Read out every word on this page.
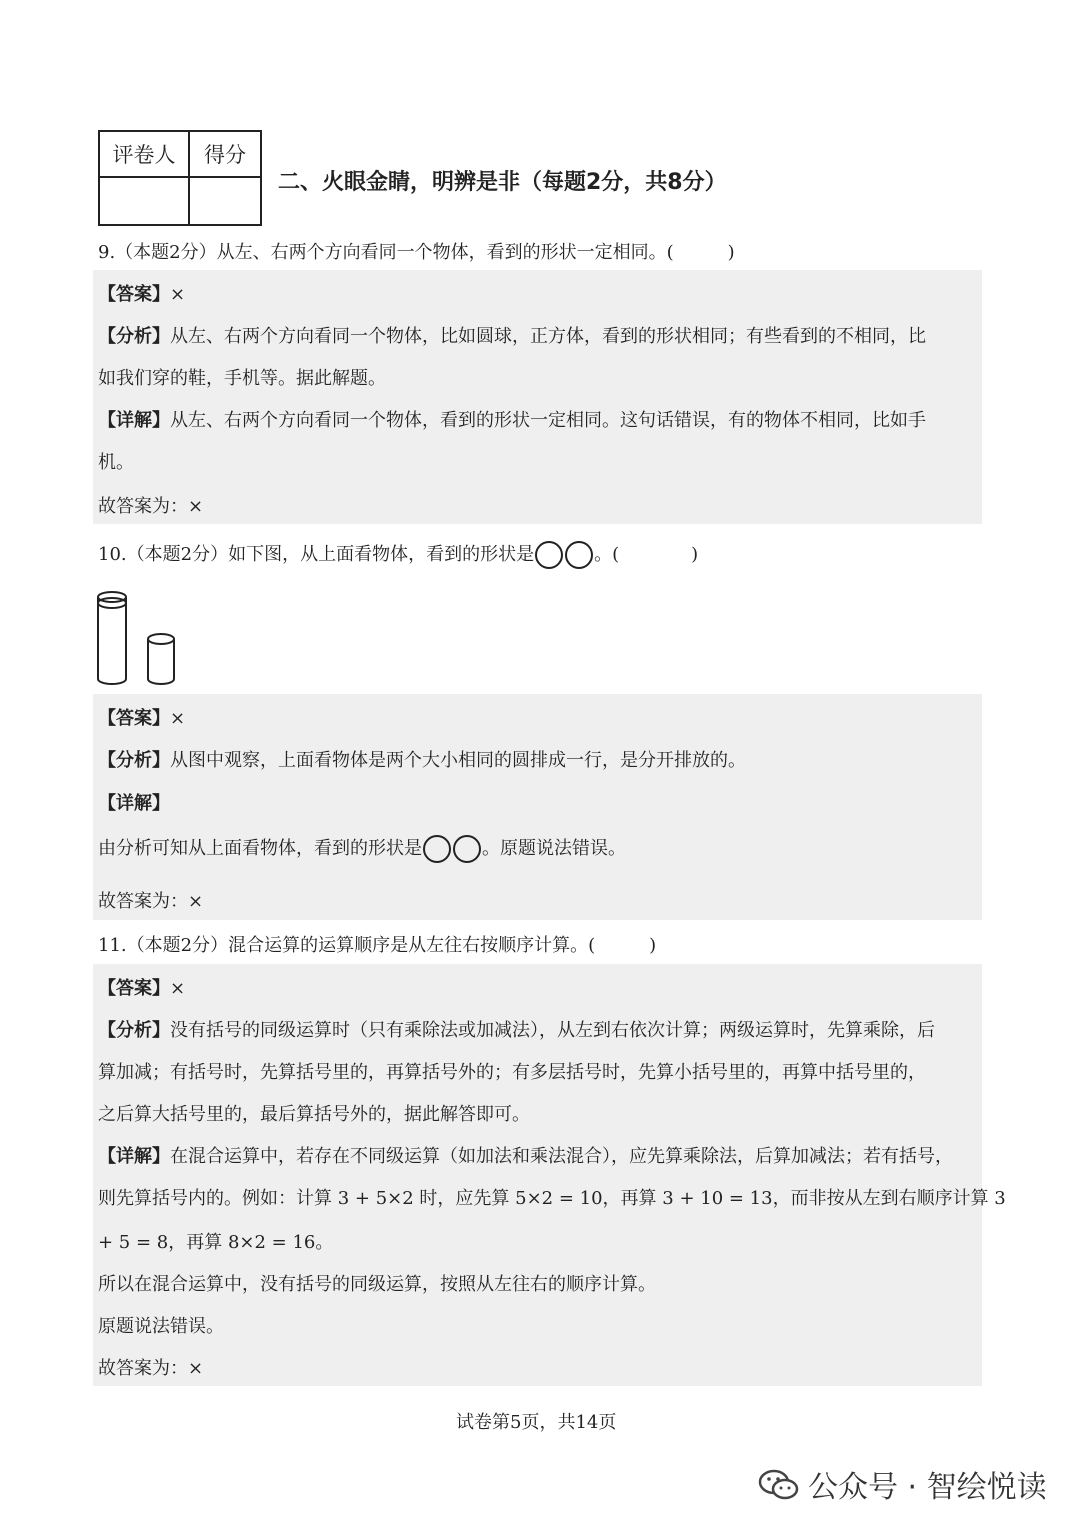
评卷人	得分

二、火眼金睛，明辨是非（每题2分，共8分）
9.（本题2分）从左、右两个方向看同一个物体，看到的形状一定相同。(　　　)
【答案】×
【分析】从左、右两个方向看同一个物体，比如圆球，正方体，看到的形状相同；有些看到的不相同，比
如我们穿的鞋，手机等。据此解题。
【详解】从左、右两个方向看同一个物体，看到的形状一定相同。这句话错误，有的物体不相同，比如手
机。
故答案为：×
10.（本题2分）如下图，从上面看物体，看到的形状是	。(　　　　)
【答案】×
【分析】从图中观察，上面看物体是两个大小相同的圆排成一行，是分开排放的。
【详解】
由分析可知从上面看物体，看到的形状是	。原题说法错误。
故答案为：×
11.（本题2分）混合运算的运算顺序是从左往右按顺序计算。(　　　)
【答案】×
【分析】没有括号的同级运算时（只有乘除法或加减法），从左到右依次计算；两级运算时，先算乘除，后
算加减；有括号时，先算括号里的，再算括号外的；有多层括号时，先算小括号里的，再算中括号里的，
之后算大括号里的，最后算括号外的，据此解答即可。
【详解】在混合运算中，若存在不同级运算（如加法和乘法混合），应先算乘除法，后算加减法；若有括号，
则先算括号内的。例如：计算 3 + 5×2 时，应先算 5×2 = 10，再算 3 + 10 = 13，而非按从左到右顺序计算 3
+ 5 = 8，再算 8×2 = 16。
所以在混合运算中，没有括号的同级运算，按照从左往右的顺序计算。
原题说法错误。
故答案为：×
试卷第5页，共14页
公众号 · 智绘悦读
